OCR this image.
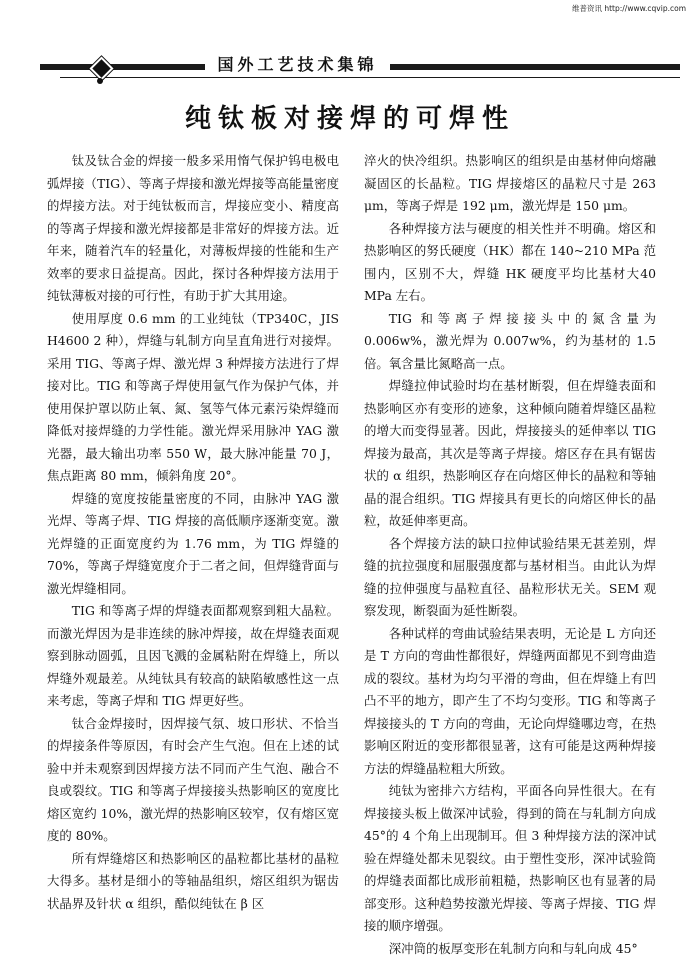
维普资讯 http://www.cqvip.com
国外工艺技术集锦
纯钛板对接焊的可焊性

钛及钛合金的焊接一般多采用惰气保护钨电极电弧焊接（TIG）、等离子焊接和激光焊接等高能量密度的焊接方法。对于纯钛板而言，焊接应变小、精度高的等离子焊接和激光焊接都是非常好的焊接方法。近年来，随着汽车的轻量化，对薄板焊接的性能和生产效率的要求日益提高。因此，探讨各种焊接方法用于纯钛薄板对接的可行性，有助于扩大其用途。

使用厚度 0.6 mm 的工业纯钛（TP340C，JIS H4600 2 种），焊缝与轧制方向呈直角进行对接焊。采用 TIG、等离子焊、激光焊 3 种焊接方法进行了焊接对比。TIG 和等离子焊使用氩气作为保护气体，并使用保护罩以防止氧、氮、氢等气体元素污染焊缝而降低对接焊缝的力学性能。激光焊采用脉冲 YAG 激光器，最大输出功率 550 W，最大脉冲能量 70 J，焦点距离 80 mm，倾斜角度 20°。

焊缝的宽度按能量密度的不同，由脉冲 YAG 激光焊、等离子焊、TIG 焊接的高低顺序逐渐变宽。激光焊缝的正面宽度约为 1.76 mm，为 TIG 焊缝的 70%，等离子焊缝宽度介于二者之间，但焊缝背面与激光焊缝相同。

TIG 和等离子焊的焊缝表面都观察到粗大晶粒。而激光焊因为是非连续的脉冲焊接，故在焊缝表面观察到脉动圆弧，且因飞溅的金属粘附在焊缝上，所以焊缝外观最差。从纯钛具有较高的缺陷敏感性这一点来考虑，等离子焊和 TIG 焊更好些。

钛合金焊接时，因焊接气氛、坡口形状、不恰当的焊接条件等原因，有时会产生气泡。但在上述的试验中并未观察到因焊接方法不同而产生气泡、融合不良或裂纹。TIG 和等离子焊接接头热影响区的宽度比熔区宽约 10%，激光焊的热影响区较窄，仅有熔区宽度的 80%。

所有焊缝熔区和热影响区的晶粒都比基材的晶粒大得多。基材是细小的等轴晶组织，熔区组织为锯齿状晶界及针状 α 组织，酷似纯钛在 β 区

淬火的快冷组织。热影响区的组织是由基材伸向熔融凝固区的长晶粒。TIG 焊接熔区的晶粒尺寸是 263 μm，等离子焊是 192 μm，激光焊是 150 μm。

各种焊接方法与硬度的相关性并不明确。熔区和热影响区的努氏硬度（HK）都在 140~210 MPa 范围内，区别不大，焊缝 HK 硬度平均比基材大40 MPa 左右。

TIG 和等离子焊接接头中的氮含量为0.006w%，激光焊为 0.007w%，约为基材的 1.5 倍。氧含量比氮略高一点。

焊缝拉伸试验时均在基材断裂，但在焊缝表面和热影响区亦有变形的迹象，这种倾向随着焊缝区晶粒的增大而变得显著。因此，焊接接头的延伸率以 TIG 焊接为最高，其次是等离子焊接。熔区存在具有锯齿状的 α 组织，热影响区存在向熔区伸长的晶粒和等轴晶的混合组织。TIG 焊接具有更长的向熔区伸长的晶粒，故延伸率更高。

各个焊接方法的缺口拉伸试验结果无甚差别，焊缝的抗拉强度和屈服强度都与基材相当。由此认为焊缝的拉伸强度与晶粒直径、晶粒形状无关。SEM 观察发现，断裂面为延性断裂。

各种试样的弯曲试验结果表明，无论是 L 方向还是 T 方向的弯曲性都很好，焊缝两面都见不到弯曲造成的裂纹。基材为均匀平滑的弯曲，但在焊缝上有凹凸不平的地方，即产生了不均匀变形。TIG 和等离子焊接接头的 T 方向的弯曲，无论向焊缝哪边弯，在热影响区附近的变形都很显著，这有可能是这两种焊接方法的焊缝晶粒粗大所致。

纯钛为密排六方结构，平面各向异性很大。在有焊接接头板上做深冲试验，得到的筒在与轧制方向成 45°的 4 个角上出现制耳。但 3 种焊接方法的深冲试验在焊缝处都未见裂纹。由于塑性变形，深冲试验筒的焊缝表面都比成形前粗糙，热影响区也有显著的局部变形。这种趋势按激光焊接、等离子焊接、TIG 焊接的顺序增强。

深冲筒的板厚变形在轧制方向和与轧向成 45°
